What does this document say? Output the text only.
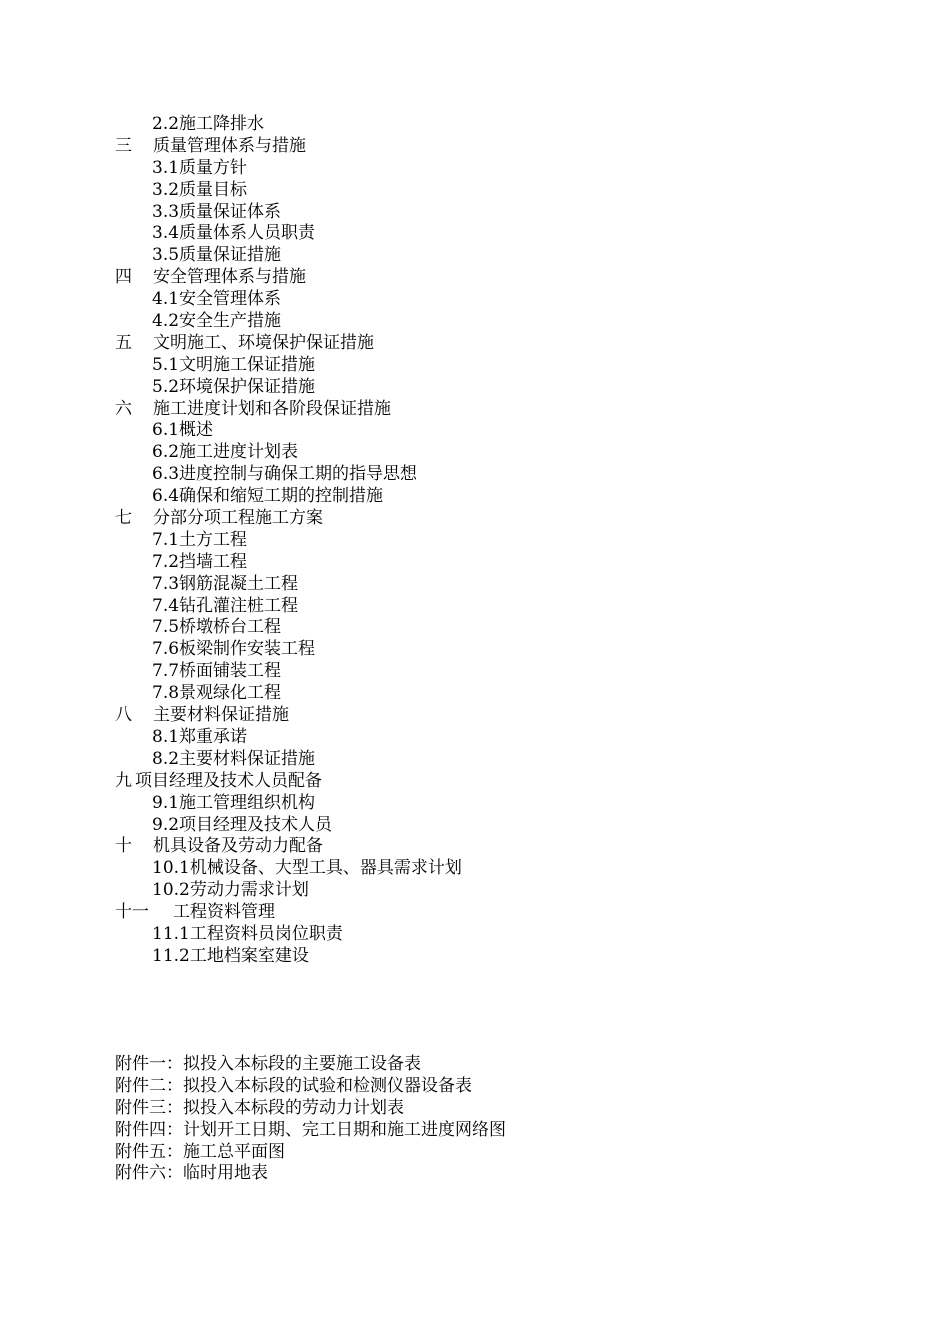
2.2施工降排水
三 质量管理体系与措施
3.1质量方针
3.2质量目标
3.3质量保证体系
3.4质量体系人员职责
3.5质量保证措施
四 安全管理体系与措施
4.1安全管理体系
4.2安全生产措施
五 文明施工、环境保护保证措施
5.1文明施工保证措施
5.2环境保护保证措施
六 施工进度计划和各阶段保证措施
6.1概述
6.2施工进度计划表
6.3进度控制与确保工期的指导思想
6.4确保和缩短工期的控制措施
七 分部分项工程施工方案
7.1土方工程
7.2挡墙工程
7.3钢筋混凝土工程
7.4钻孔灌注桩工程
7.5桥墩桥台工程
7.6板梁制作安装工程
7.7桥面铺装工程
7.8景观绿化工程
八 主要材料保证措施
8.1郑重承诺
8.2主要材料保证措施
九 项目经理及技术人员配备
9.1施工管理组织机构
9.2项目经理及技术人员
十 机具设备及劳动力配备
10.1机械设备、大型工具、器具需求计划
10.2劳动力需求计划
十一 工程资料管理
11.1工程资料员岗位职责
11.2工地档案室建设
附件一：拟投入本标段的主要施工设备表
附件二：拟投入本标段的试验和检测仪器设备表
附件三：拟投入本标段的劳动力计划表
附件四：计划开工日期、完工日期和施工进度网络图
附件五：施工总平面图
附件六：临时用地表
